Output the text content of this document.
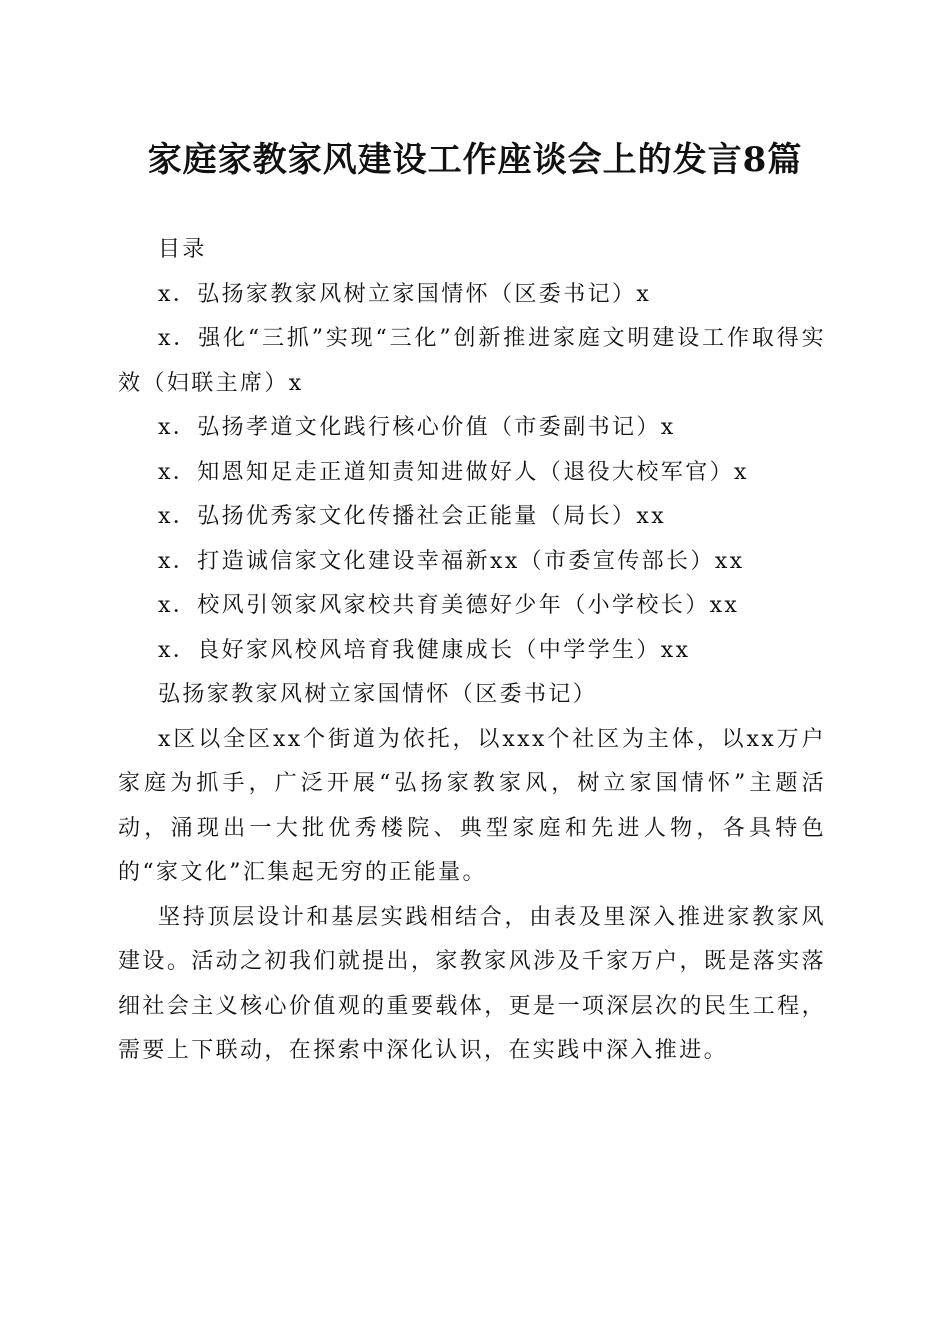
家庭家教家风建设工作座谈会上的发言8篇

目录

x．弘扬家教家风树立家国情怀（区委书记）x

x．强化“三抓”实现“三化”创新推进家庭文明建设工作取得实效（妇联主席）x

x．弘扬孝道文化践行核心价值（市委副书记）x

x．知恩知足走正道知责知进做好人（退役大校军官）x

x．弘扬优秀家文化传播社会正能量（局长）xx

x．打造诚信家文化建设幸福新xx（市委宣传部长）xx

x．校风引领家风家校共育美德好少年（小学校长）xx

x．良好家风校风培育我健康成长（中学学生）xx

弘扬家教家风树立家国情怀（区委书记）

x区以全区xx个街道为依托，以xxx个社区为主体，以xx万户家庭为抓手，广泛开展“弘扬家教家风，树立家国情怀”主题活动，涌现出一大批优秀楼院、典型家庭和先进人物，各具特色的“家文化”汇集起无穷的正能量。

坚持顶层设计和基层实践相结合，由表及里深入推进家教家风建设。活动之初我们就提出，家教家风涉及千家万户，既是落实落细社会主义核心价值观的重要载体，更是一项深层次的民生工程，需要上下联动，在探索中深化认识，在实践中深入推进。
